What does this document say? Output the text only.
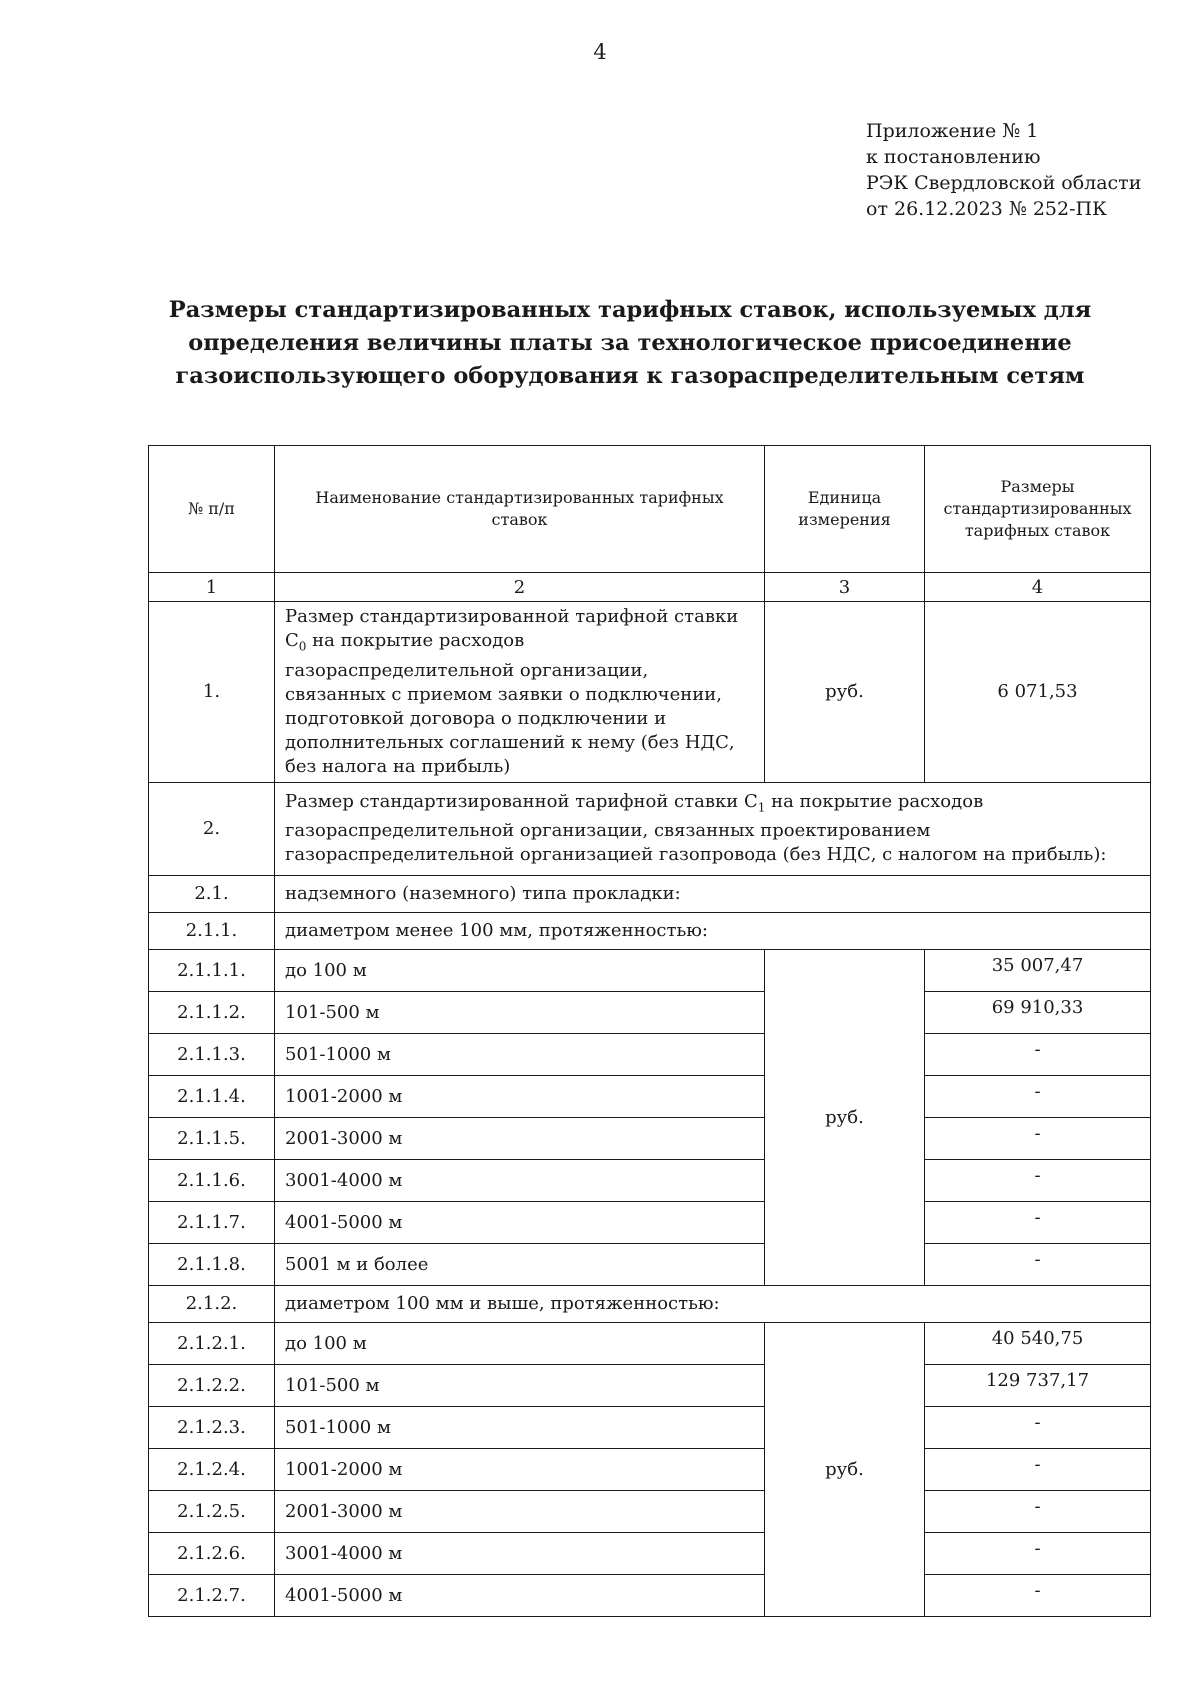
4
Приложение № 1
к постановлению
РЭК Свердловской области
от 26.12.2023 № 252-ПК
Размеры стандартизированных тарифных ставок, используемых для
определения величины платы за технологическое присоединение
газоиспользующего оборудования к газораспределительным сетям
№ п/п	Наименование стандартизированных тарифных ставок	Единица измерения	Размеры стандартизированных тарифных ставок
1	2	3	4
1.	Размер стандартизированной тарифной ставки $С_0$ на покрытие расходов газораспределительной организации, связанных с приемом заявки о подключении, подготовкой договора о подключении и дополнительных соглашений к нему (без НДС, без налога на прибыль)	руб.	6 071,53
2.	Размер стандартизированной тарифной ставки $С_1$ на покрытие расходов газораспределительной организации, связанных проектированием газораспределительной организацией газопровода (без НДС, с налогом на прибыль):		
2.1.	надземного (наземного) типа прокладки:		
2.1.1.	диаметром менее 100 мм, протяженностью:		
2.1.1.1.	до 100 м	руб.	35 007,47
2.1.1.2.	101-500 м		69 910,33
2.1.1.3.	501-1000 м		-
2.1.1.4.	1001-2000 м		-
2.1.1.5.	2001-3000 м		-
2.1.1.6.	3001-4000 м		-
2.1.1.7.	4001-5000 м		-
2.1.1.8.	5001 м и более		-
2.1.2.	диаметром 100 мм и выше, протяженностью:		
2.1.2.1.	до 100 м	руб.	40 540,75
2.1.2.2.	101-500 м		129 737,17
2.1.2.3.	501-1000 м		-
2.1.2.4.	1001-2000 м		-
2.1.2.5.	2001-3000 м		-
2.1.2.6.	3001-4000 м		-
2.1.2.7.	4001-5000 м		-
